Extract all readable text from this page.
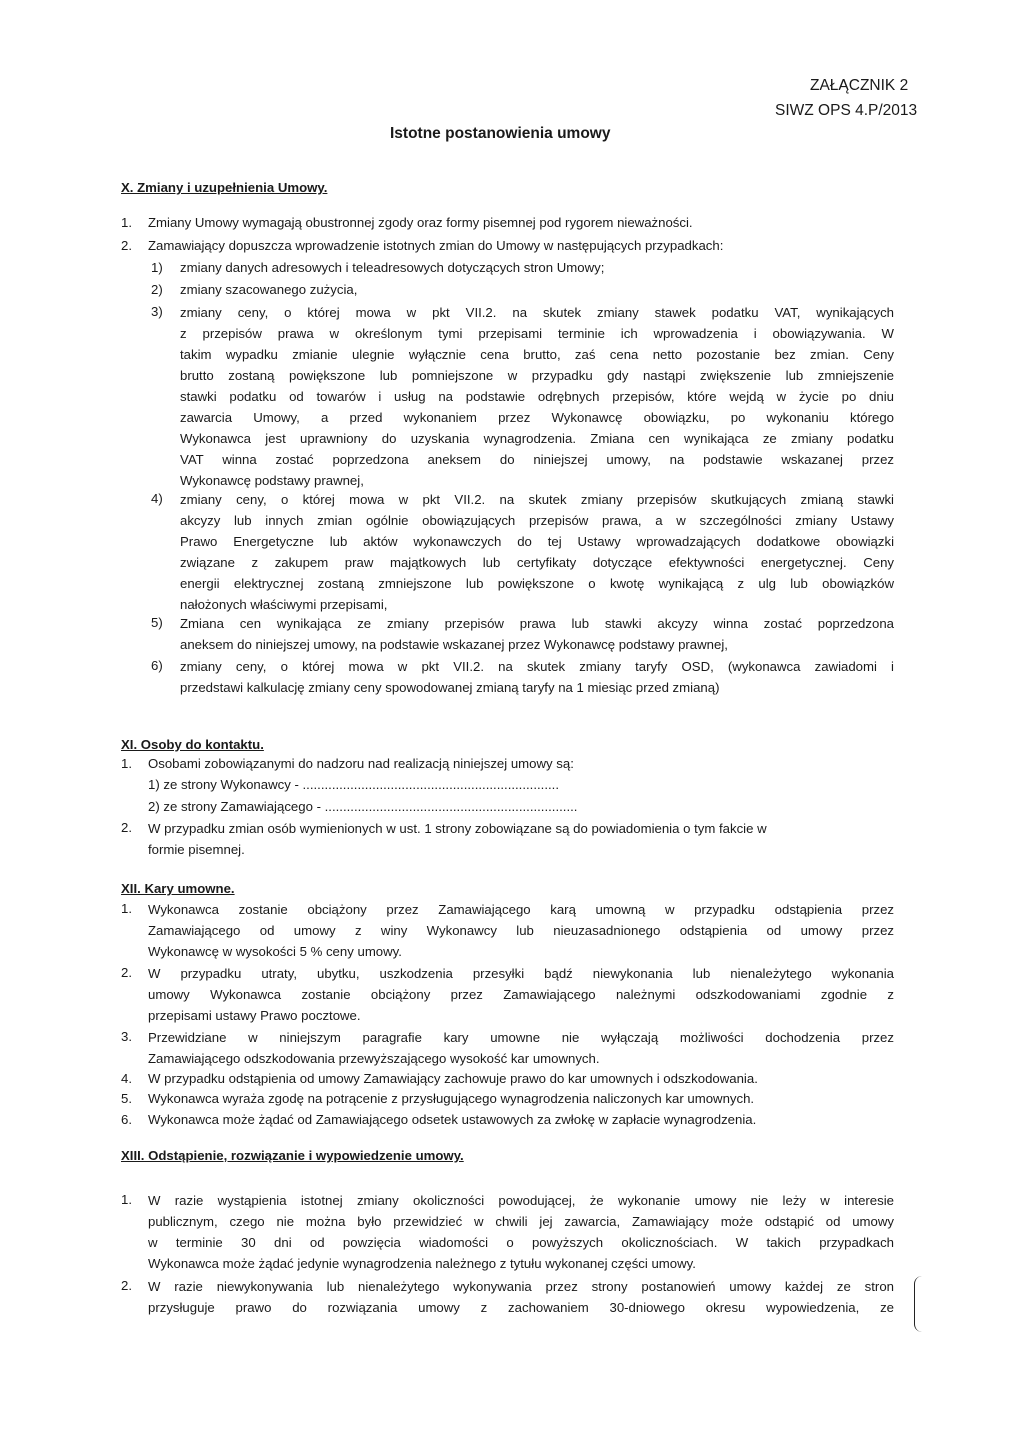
ZAŁĄCZNIK 2
SIWZ OPS 4.P/2013
Istotne postanowienia umowy
X. Zmiany i uzupełnienia Umowy.
1. Zmiany Umowy wymagają obustronnej zgody oraz formy pisemnej pod rygorem nieważności.
2. Zamawiający dopuszcza wprowadzenie istotnych zmian do Umowy w następujących przypadkach:
1) zmiany danych adresowych i teleadresowych dotyczących stron Umowy;
2) zmiany szacowanego zużycia,
3) zmiany ceny, o której mowa w pkt VII.2. na skutek zmiany stawek podatku VAT, wynikających
z przepisów prawa w określonym tymi przepisami terminie ich wprowadzenia i obowiązywania. W
takim wypadku zmianie ulegnie wyłącznie cena brutto, zaś cena netto pozostanie bez zmian. Ceny
brutto zostaną powiększone lub pomniejszone w przypadku gdy nastąpi zwiększenie lub zmniejszenie
stawki podatku od towarów i usług na podstawie odrębnych przepisów, które wejdą w życie po dniu
zawarcia Umowy, a przed wykonaniem przez Wykonawcę obowiązku, po wykonaniu którego
Wykonawca jest uprawniony do uzyskania wynagrodzenia. Zmiana cen wynikająca ze zmiany podatku
VAT winna zostać poprzedzona aneksem do niniejszej umowy, na podstawie wskazanej przez
Wykonawcę podstawy prawnej,
4) zmiany ceny, o której mowa w pkt VII.2. na skutek zmiany przepisów skutkujących zmianą stawki
akcyzy lub innych zmian ogólnie obowiązujących przepisów prawa, a w szczególności zmiany Ustawy
Prawo Energetyczne lub aktów wykonawczych do tej Ustawy wprowadzających dodatkowe obowiązki
związane z zakupem praw majątkowych lub certyfikaty dotyczące efektywności energetycznej. Ceny
energii elektrycznej zostaną zmniejszone lub powiększone o kwotę wynikającą z ulg lub obowiązków
nałożonych właściwymi przepisami,
5) Zmiana cen wynikająca ze zmiany przepisów prawa lub stawki akcyzy winna zostać poprzedzona
aneksem do niniejszej umowy, na podstawie wskazanej przez Wykonawcę podstawy prawnej,
6) zmiany ceny, o której mowa w pkt VII.2. na skutek zmiany taryfy OSD, (wykonawca zawiadomi i
przedstawi kalkulację zmiany ceny spowodowanej zmianą taryfy na 1 miesiąc przed zmianą)
XI. Osoby do kontaktu.
1. Osobami zobowiązanymi do nadzoru nad realizacją niniejszej umowy są:
1) ze strony Wykonawcy - ......................................................................
2) ze strony Zamawiającego - .....................................................................
2. W przypadku zmian osób wymienionych w ust. 1 strony zobowiązane są do powiadomienia o tym fakcie w
formie pisemnej.
XII. Kary umowne.
1. Wykonawca zostanie obciążony przez Zamawiającego karą umowną w przypadku odstąpienia przez
Zamawiającego od umowy z winy Wykonawcy lub nieuzasadnionego odstąpienia od umowy przez
Wykonawcę w wysokości 5 % ceny umowy.
2. W przypadku utraty, ubytku, uszkodzenia przesyłki bądź niewykonania lub nienależytego wykonania
umowy Wykonawca zostanie obciążony przez Zamawiającego należnymi odszkodowaniami zgodnie z
przepisami ustawy Prawo pocztowe.
3. Przewidziane w niniejszym paragrafie kary umowne nie wyłączają możliwości dochodzenia przez
Zamawiającego odszkodowania przewyższającego wysokość kar umownych.
4. W przypadku odstąpienia od umowy Zamawiający zachowuje prawo do kar umownych i odszkodowania.
5. Wykonawca wyraża zgodę na potrącenie z przysługującego wynagrodzenia naliczonych kar umownych.
6. Wykonawca może żądać od Zamawiającego odsetek ustawowych za zwłokę w zapłacie wynagrodzenia.
XIII. Odstąpienie, rozwiązanie i wypowiedzenie umowy.
1. W razie wystąpienia istotnej zmiany okoliczności powodującej, że wykonanie umowy nie leży w interesie
publicznym, czego nie można było przewidzieć w chwili jej zawarcia, Zamawiający może odstąpić od umowy
w terminie 30 dni od powzięcia wiadomości o powyższych okolicznościach. W takich przypadkach
Wykonawca może żądać jedynie wynagrodzenia należnego z tytułu wykonanej części umowy.
2. W razie niewykonywania lub nienależytego wykonywania przez strony postanowień umowy każdej ze stron
przysługuje prawo do rozwiązania umowy z zachowaniem 30-dniowego okresu wypowiedzenia, ze
